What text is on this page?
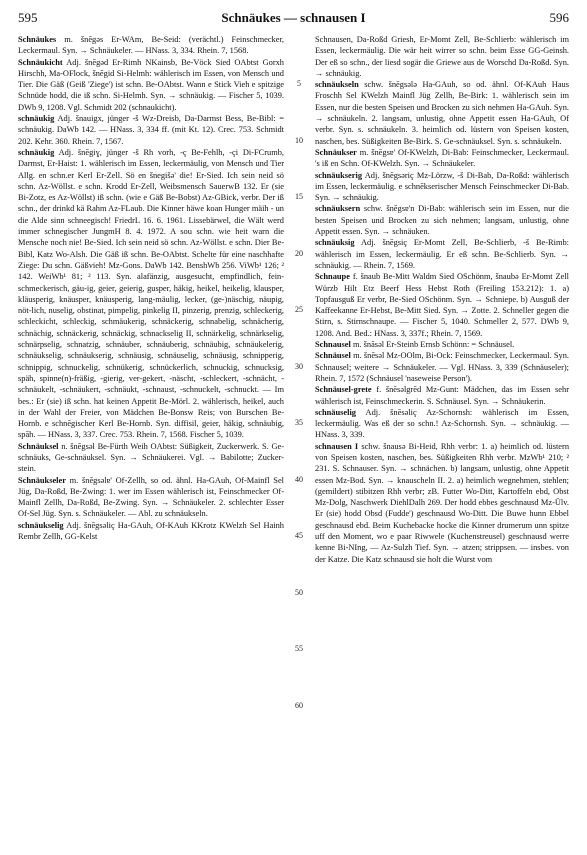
595	Schnäukes — schnausen I	596
Schnäukes m. šnēgəs Er-WAm, Be-Seid: (verächtl.) Feinschmecker, Leckermaul. Syn. → Schnäukeler. — HNass. 3, 334. Rhein. 7, 1568.
Schnäukicht Adj. šnēgəd Er-Rimh NKainsb, Be-Vöck Sied OAbtst Gorxh Hirschh, Ma-OFlock, šnēgid Si-Helmh: wählerisch im Essen, von Mensch und Tier. Die Gäß (Geiß 'Ziege') ist schn. Be-OAbtst. Wann e Stick Vieh e spitzige Schnüde hodd, die iß schn. Si-Helmh. Syn. → schnäukig. — Fischer 5, 1039. DWb 9, 1208. Vgl. Schmidt 202 (schnaukicht).
schnäukig Adj. šnauigx, jünger -š Wz-Dreisb, Da-Darmst Bess, Be-Bibl: = schnäukig. DaWb 142. — HNass. 3, 334 ff. (mit Kt. 12). Crec. 753. Schmidt 202. Kehr. 360. Rhein. 7, 1567.
schnäukig Adj. šnēgiɣ, jünger -š Rh vorh, -ç Be-Fehlh, -çi Di-FCrumb, Darmst, Er-Haist: 1. wählerisch im Essen, leckermäulig, von Mensch und Tier Allg. en schn.er Kerl Er-Zell. Sö en šnegišə' die! Er-Sied. Ich sein neid sö schn. Az-Wöllst. e schn. Krodd Er-Zell, Weibsmensch SauerwB 132. Er (sie Bi-Zotz, es Az-Wöllst) iß schn. (wie e Gäß Be-Bobst) Az-GBick, verbr. Der iß schn., der drinkd kä Rahm Az-FLaub. Die Kinner häwe koan Hunger mäih - un die Alde sinn schneegisch! FriedrL 16. 6. 1961. Lissebärwel, die Wält werd immer schnegischer JungmH 8. 4. 1972. A sou schn. wie heit warn die Mensche noch nie! Be-Sied. Ich sein neid sö schn. Az-Wöllst. e schn. Dier Be-Bibl, Katz Wo-Alsh. Die Gäß iß schn. Be-OAbtst. Schelte für eine naschhafte Ziege: Du schn. Gäßvieh! Mz-Gons. DaWb 142. BenshWb 256. ViWb¹ 126; ² 142. WeiWb¹ 81; ² 113. Syn. alafänzig, ausgesucht, empfindlich, fein-schmeckerisch, gäu-ig, geier, geierig, gusper, häkig, heikel, heikelig, klausper, kläusperig, knäusper, knäusperig, lang-mäulig, lecker, (ge-)näschig, näupig, nöt-lich, nuselig, obstinat, pimpelig, pinkelig II, pinzerig, prenzig, schleckerig, schleckicht, schleckig, schmäukerig, schnäckerig, schnabelig, schnächerig, schnächig, schnäckerig, schnäckig, schnackselig II, schnärkelig, schnärkselig, schnärpselig, schnatzig, schnäuber, schnäuberig, schnäubig, schnäukelerig, schnäukselig, schnäukserig, schnäusig, schnäuselig, schnäusig, schnipperig, schnippig, schnuckelig, schnükerig, schnückerlich, schnuckig, schnucksig, späh, spinne(n)-fräßig, -gierig, ver-gekert, -näscht, -schleckert, -schnächt, -schnäukelt, -schnäukert, -schnäukt, -schnaust, -schnuckelt, -schnuckt. — Im bes.: Er (sie) iß schn. hat keinen Appetit Be-Mörl. 2. wählerisch, heikel, auch in der Wahl der Freier, von Mädchen Be-Bonsw Reis; von Burschen Be-Hornb. e schnēgischer Kerl Be-Hornb. Syn. diffisil, geier, häkig, schnäubig, spāh. — HNass. 3, 337. Crec. 753. Rhein. 7, 1568. Fischer 5, 1039.
Schnäuksel n. šnēgsəl Be-Fürth Weih OAbtst: Süßigkeit, Zuckerwerk. S. Ge-schnäuks, Ge-schnäuksel. Syn. → Schnäukerei. Vgl. → Babilotte; Zucker-stein.
Schnäukseler m. šnēgsəlɐ' Of-Zellh, so od. ähnl. Ha-GAuh, Of-Mainfl Sel Jüg, Da-Roßd, Be-Zwing: 1. wer im Essen wählerisch ist, Feinschmecker Of-Mainfl Zellh, Da-Roßd, Be-Zwing. Syn. → Schnäukeler. 2. schlechter Esser Of-Sel Jüg. Syn. s. Schnäukeler. — Abl. zu schnäukseln.
schnäukselig Adj. šnēgsəliç Ha-GAuh, Of-KAuh KKrotz KWelzh Sel Hainh Rembr Zellh, GG-Kelst
5
10
15
20
25
30
35
40
45
50
55
60
Schnausen, Da-Roßd Griesh, Er-Momt Zell, Be-Schlierb: wählerisch im Essen, leckermäulig. Die wär heit wirrer so schn. beim Esse GG-Geinsh. Der eß so schn., der liesd sogär die Griewe aus de Worschd Da-Roßd. Syn. → schnäukig.
schnäukseln schw. šnēgsələ Ha-GAuh, so od. ähnl. Of-KAuh Haus Froschh Sel KWelzh Mainfl Jüg Zellh, Be-Birk: 1. wählerisch sein im Essen, nur die besten Speisen und Brocken zu sich nehmen Ha-GAuh. Syn. → schnäukeln. 2. langsam, unlustig, ohne Appetit essen Ha-GAuh, Of verbr. Syn. s. schnäukeln. 3. heimlich od. lüstern von Speisen kosten, naschen, bes. Süßigkeiten Be-Birk. S. Ge-schnäuksel. Syn. s. schnäukeln.
Schnäukser m. šnēgsɐ' Of-KWelzh, Di-Bab: Feinschmecker, Leckermaul. 's iß en Schn. Of-KWelzh. Syn. → Schnäukeler.
schnäukserig Adj. šnēgsəriç Mz-Lörzw, -š Di-Bab, Da-Roßd: wählerisch im Essen, leckermäulig. e schnēkserischer Mensch Feinschmecker Di-Bab. Syn. → schnäukig.
schnäuksern schw. šnēgsɐ'n Di-Bab: wählerisch sein im Essen, nur die besten Speisen und Brocken zu sich nehmen; langsam, unlustig, ohne Appetit essen. Syn. → schnäuken.
schnäuksig Adj. šnēgsiç Er-Momt Zell, Be-Schlierb, -š Be-Rimb: wählerisch im Essen, leckermäulig. Er eß schn. Be-Schlierb. Syn. → schnäukig. — Rhein. 7, 1569.
Schnaupe f. šnaub Be-Mitt Waldm Sied OSchönm, šnaubə Er-Momt Zell Würzb Hilt Etz Beerf Hess Hebst Roth (Freiling 153.212): 1. a) Topfausguß Er verbr, Be-Sied OSchönm. Syn. → Schniepe. b) Ausguß der Kaffeekanne Er-Hebst, Be-Mitt Sied. Syn. → Zotte. 2. Schneller gegen die Stirn, s. Stirnschnaupe. — Fischer 5, 1040. Schmeller 2, 577. DWb 9, 1208. And. Bed.: HNass. 3, 337f.; Rhein. 7, 1569.
Schnausel m. šnāsəl Er-Steinb Ernsb Schönn: = Schnäusel.
Schnäusel m. šnēsəl Mz-OOlm, Bi-Ock: Feinschmecker, Leckermaul. Syn. Schnausel; weitere → Schnäukeler. — Vgl. HNass. 3, 339 (Schnäuseler); Rhein. 7, 1572 (Schnäusel 'naseweise Person').
Schnäusel-grete f. šnēsəlgrēd Mz-Gunt: Mädchen, das im Essen sehr wählerisch ist, Feinschmeckerin. S. Schnäusel. Syn. → Schnäukerin.
schnäuselig Adj. šnēsəliç Az-Schornsh: wählerisch im Essen, leckermäulig. Was eß der so schn.! Az-Schornsh. Syn. → schnäukig. — HNass. 3, 339.
schnausen I schw. šnausə Bi-Heid, Rhh verbr: 1. a) heimlich od. lüstern von Speisen kosten, naschen, bes. Süßigkeiten Rhh verbr. MzWb¹ 210; ² 231. S. Schnauser. Syn. → schnächen. b) langsam, unlustig, ohne Appetit essen Mz-Bod. Syn. → knauscheln II. 2. a) heimlich wegnehmen, stehlen; (gemildert) stibitzen Rhh verbr; zB. Futter Wo-Ditt, Kartoffeln ebd, Obst Mz-Dolg, Naschwerk DiehlDalh 269. Der hodd ebbes geschnausd Mz-Ülv. Er (sie) hodd Obsd (Fudde') geschnausd Wo-Ditt. Die Buwe hunn Ebbel geschnausd ebd. Beim Kuchebacke hocke die Kinner drumerum unn spitze uff den Moment, wo e paar Riwwele (Kuchenstreusel) geschnausd werre kenne Bi-NIng, — Az-Sulzh Tief. Syn. → atzen; strippsen. — insbes. von der Katze. Die Katz schnausd sie holt die Wurst vom
